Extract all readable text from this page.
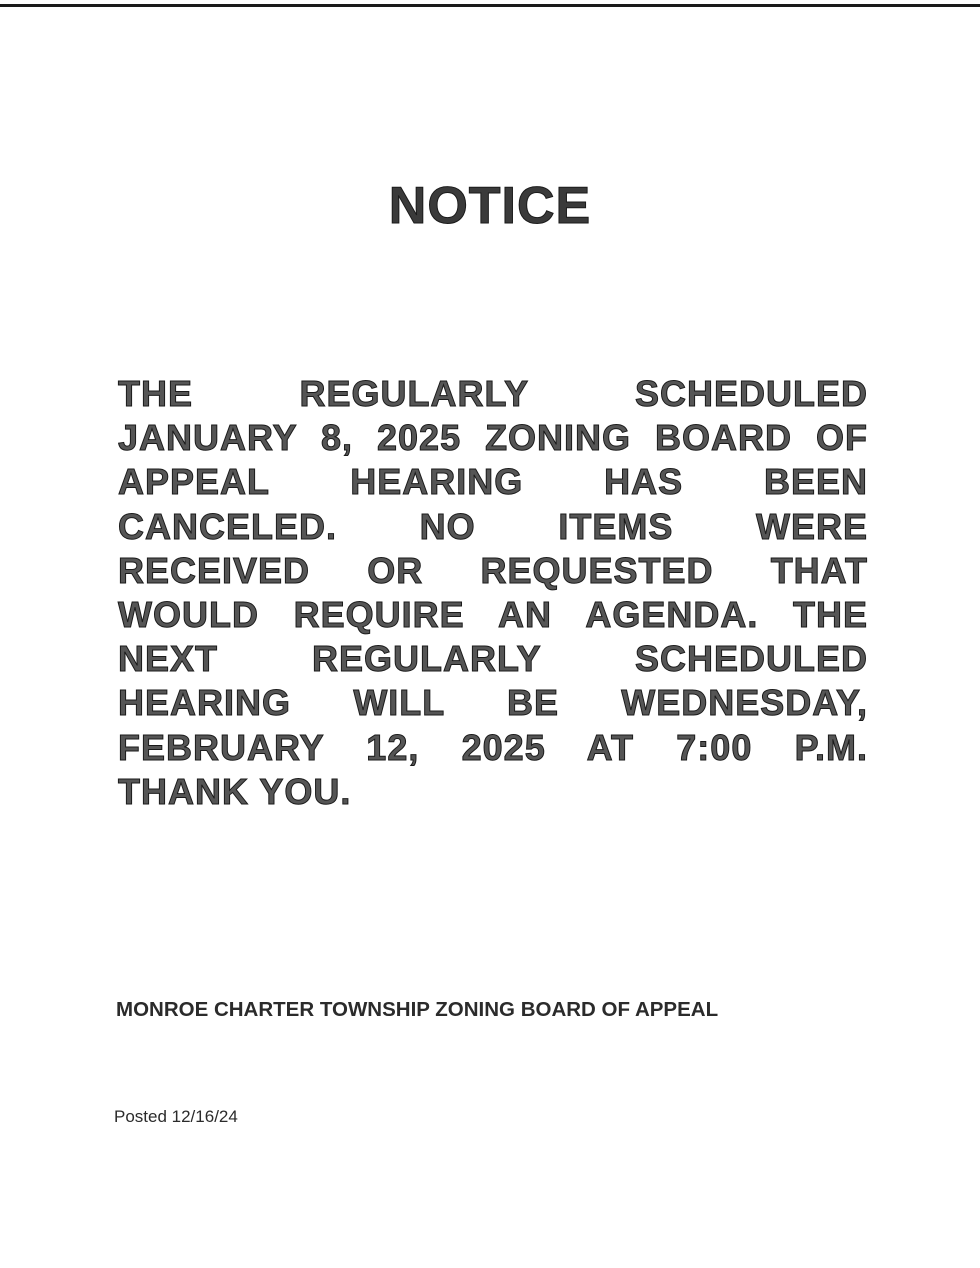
NOTICE
THE REGULARLY SCHEDULED
JANUARY 8, 2025 ZONING BOARD OF
APPEAL HEARING HAS BEEN
CANCELED. NO ITEMS WERE
RECEIVED OR REQUESTED THAT
WOULD REQUIRE AN AGENDA. THE
NEXT REGULARLY SCHEDULED
HEARING WILL BE WEDNESDAY,
FEBRUARY 12, 2025 AT 7:00 P.M.
THANK YOU.

MONROE CHARTER TOWNSHIP ZONING BOARD OF APPEAL

Posted 12/16/24
